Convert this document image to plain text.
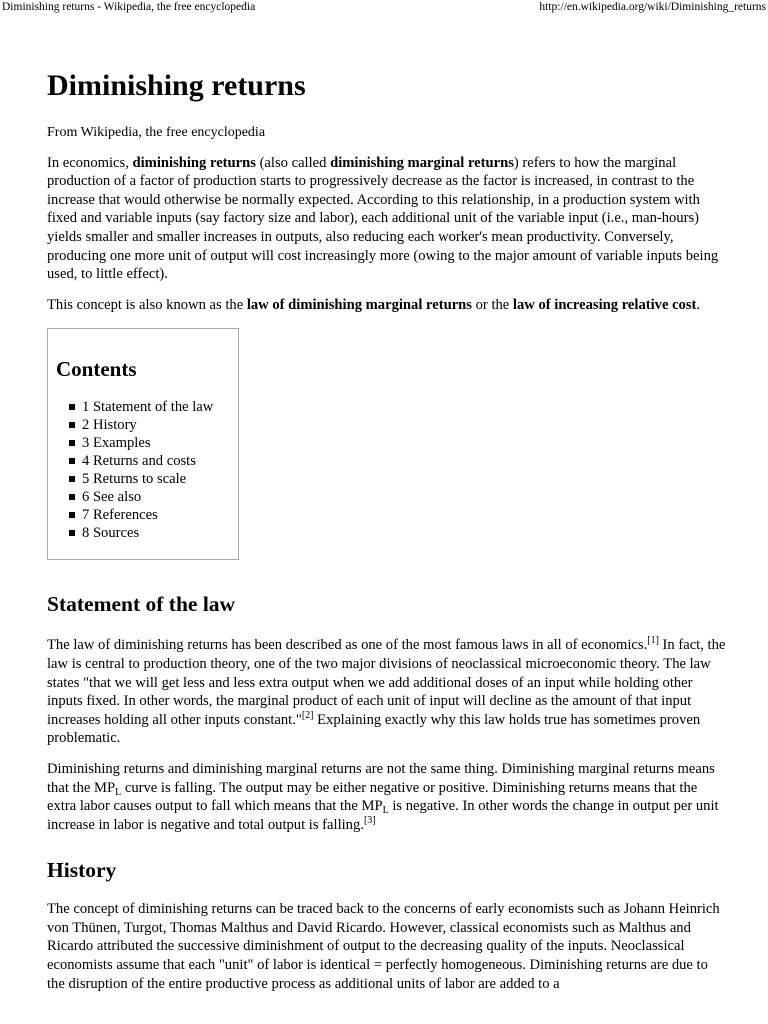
Diminishing returns - Wikipedia, the free encyclopedia	http://en.wikipedia.org/wiki/Diminishing_returns
Diminishing returns

From Wikipedia, the free encyclopedia

In economics, diminishing returns (also called diminishing marginal returns) refers to how the marginal production of a factor of production starts to progressively decrease as the factor is increased, in contrast to the increase that would otherwise be normally expected. According to this relationship, in a production system with fixed and variable inputs (say factory size and labor), each additional unit of the variable input (i.e., man-hours) yields smaller and smaller increases in outputs, also reducing each worker's mean productivity. Conversely, producing one more unit of output will cost increasingly more (owing to the major amount of variable inputs being used, to little effect).

This concept is also known as the law of diminishing marginal returns or the law of increasing relative cost.

Contents
1 Statement of the law
2 History
3 Examples
4 Returns and costs
5 Returns to scale
6 See also
7 References
8 Sources
Statement of the law

The law of diminishing returns has been described as one of the most famous laws in all of economics.[1] In fact, the law is central to production theory, one of the two major divisions of neoclassical microeconomic theory. The law states "that we will get less and less extra output when we add additional doses of an input while holding other inputs fixed. In other words, the marginal product of each unit of input will decline as the amount of that input increases holding all other inputs constant."[2] Explaining exactly why this law holds true has sometimes proven problematic.

Diminishing returns and diminishing marginal returns are not the same thing. Diminishing marginal returns means that the $MP_L$ curve is falling. The output may be either negative or positive. Diminishing returns means that the extra labor causes output to fall which means that the $MP_L$ is negative. In other words the change in output per unit increase in labor is negative and total output is falling.[3]

History

The concept of diminishing returns can be traced back to the concerns of early economists such as Johann Heinrich von Thünen, Turgot, Thomas Malthus and David Ricardo. However, classical economists such as Malthus and Ricardo attributed the successive diminishment of output to the decreasing quality of the inputs. Neoclassical economists assume that each "unit" of labor is identical = perfectly homogeneous. Diminishing returns are due to the disruption of the entire productive process as additional units of labor are added to a
